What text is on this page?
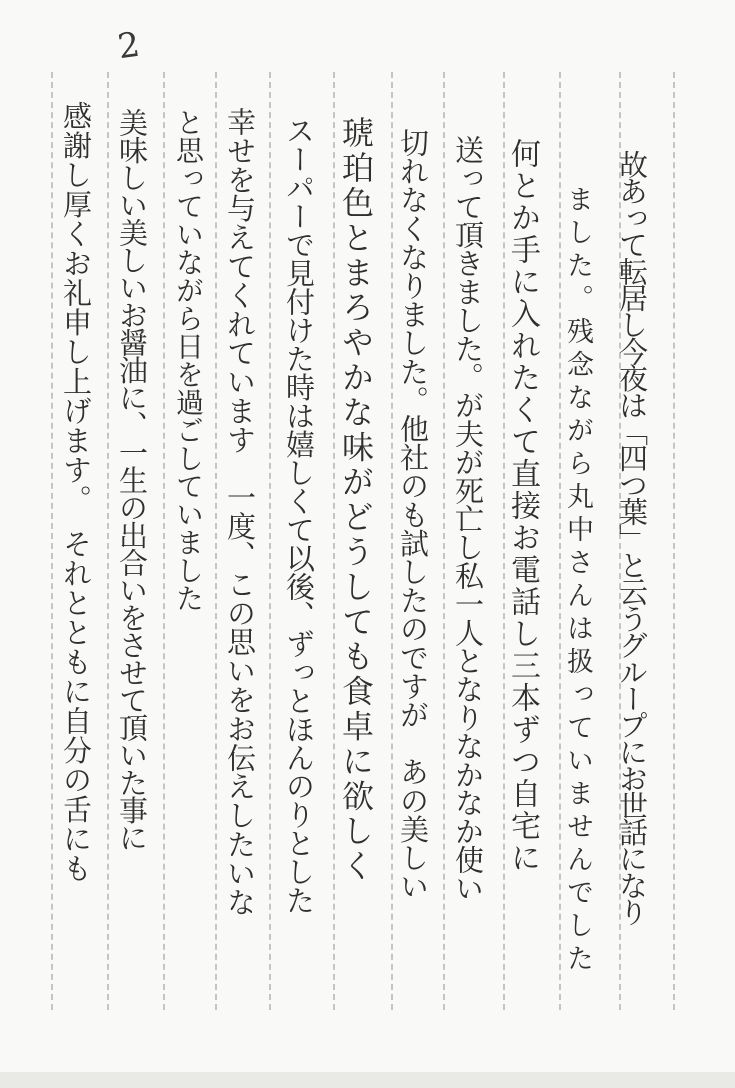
2
故あって転居し今夜は「四つ葉」と云うグループにお世話になり
ました。残念ながら丸中さんは扱っていませんでした
何とか手に入れたくて直接お電話し三本ずつ自宅に
送って頂きました。が夫が死亡し私一人となりなかなか使い
切れなくなりました。他社のも試したのですが　あの美しい
琥珀色とまろやかな味がどうしても食卓に欲しく
スーパーで見付けた時は嬉しくて以後、ずっとほんのりとした
幸せを与えてくれています　一度、この思いをお伝えしたいな
と思っていながら日を過ごしていました
美味しい美しいお醤油に、一生の出合いをさせて頂いた事に
感謝し厚くお礼申し上げます。　それとともに自分の舌にも
